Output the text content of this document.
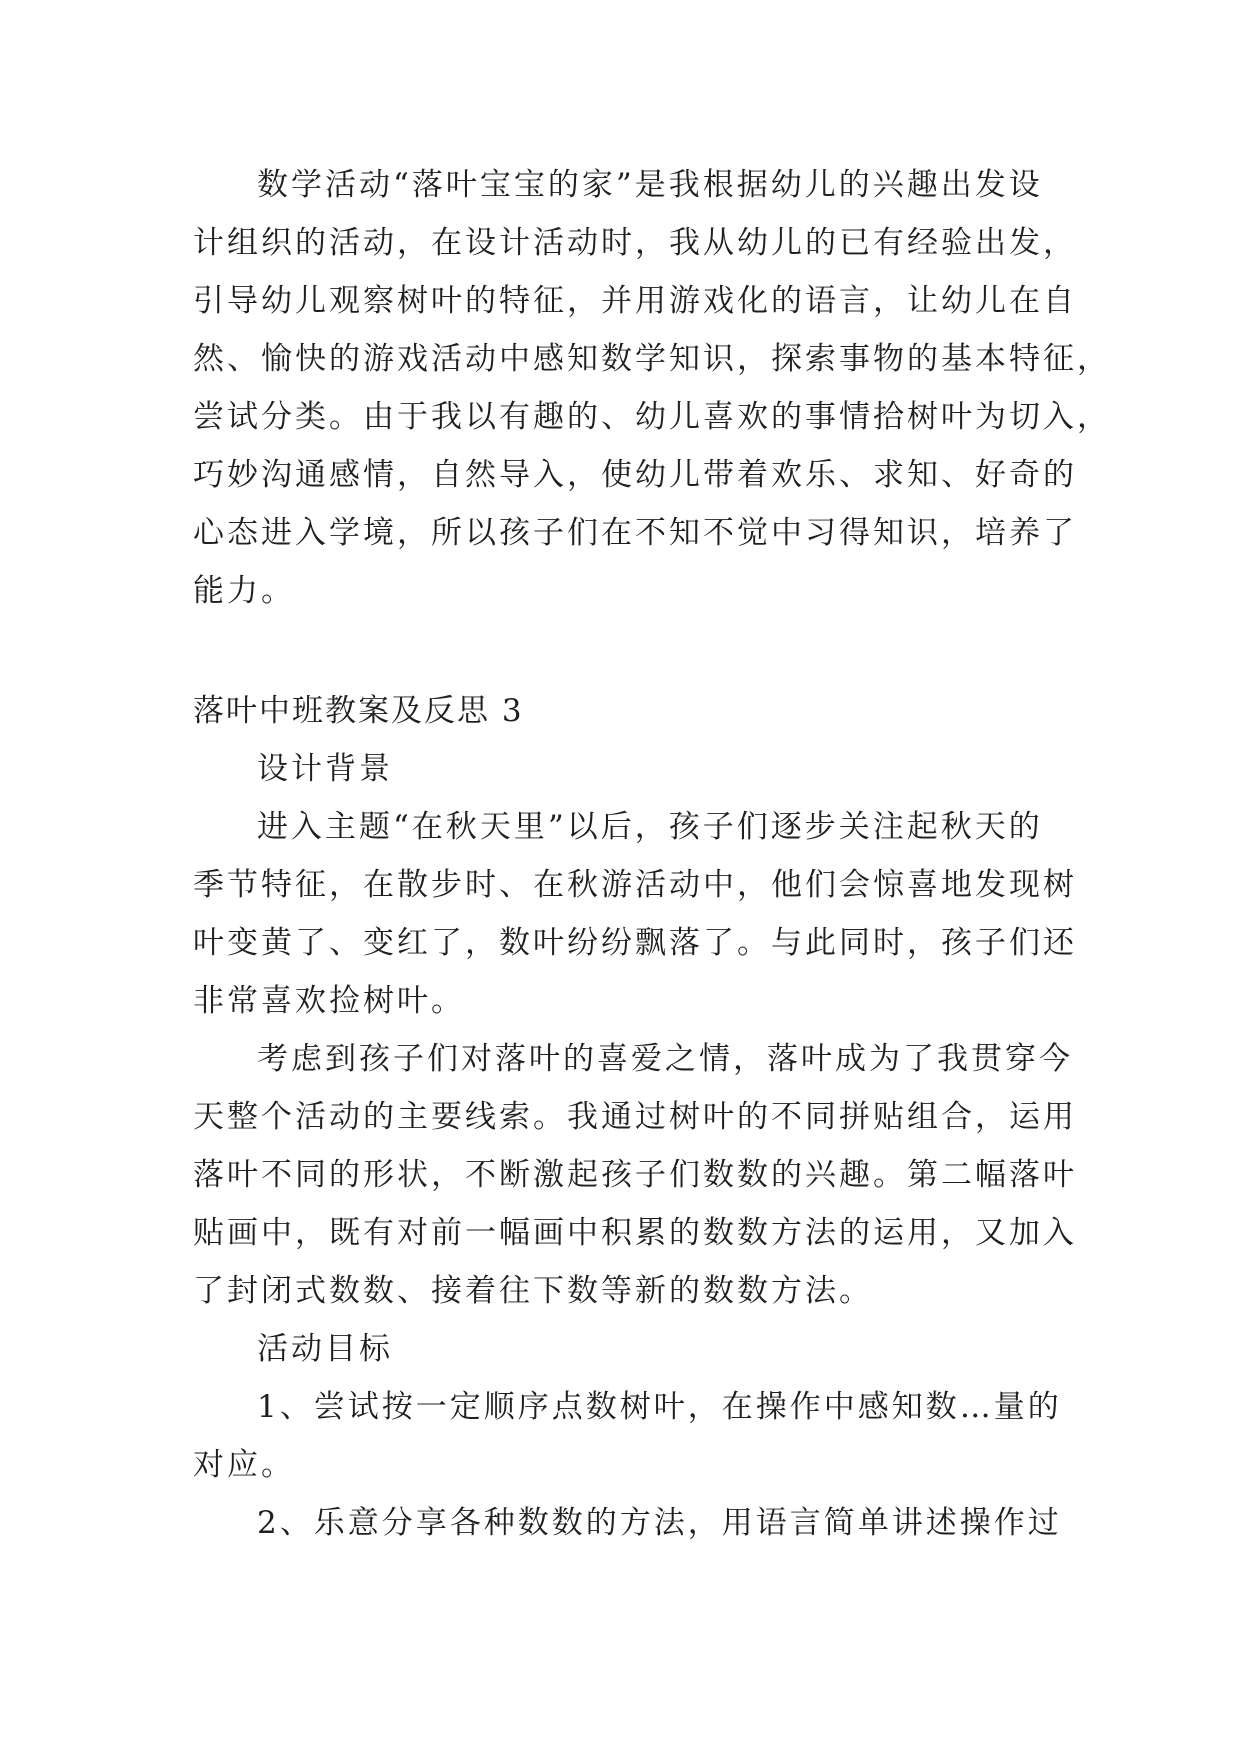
数学活动“落叶宝宝的家”是我根据幼儿的兴趣出发设
计组织的活动，在设计活动时，我从幼儿的已有经验出发，
引导幼儿观察树叶的特征，并用游戏化的语言，让幼儿在自
然、愉快的游戏活动中感知数学知识，探索事物的基本特征，
尝试分类。由于我以有趣的、幼儿喜欢的事情拾树叶为切入，
巧妙沟通感情，自然导入，使幼儿带着欢乐、求知、好奇的
心态进入学境，所以孩子们在不知不觉中习得知识，培养了
能力。
落叶中班教案及反思 3
设计背景
进入主题“在秋天里”以后，孩子们逐步关注起秋天的
季节特征，在散步时、在秋游活动中，他们会惊喜地发现树
叶变黄了、变红了，数叶纷纷飘落了。与此同时，孩子们还
非常喜欢捡树叶。
考虑到孩子们对落叶的喜爱之情，落叶成为了我贯穿今
天整个活动的主要线索。我通过树叶的不同拼贴组合，运用
落叶不同的形状，不断激起孩子们数数的兴趣。第二幅落叶
贴画中，既有对前一幅画中积累的数数方法的运用，又加入
了封闭式数数、接着往下数等新的数数方法。
活动目标
1、尝试按一定顺序点数树叶，在操作中感知数…量的
对应。
2、乐意分享各种数数的方法，用语言简单讲述操作过
